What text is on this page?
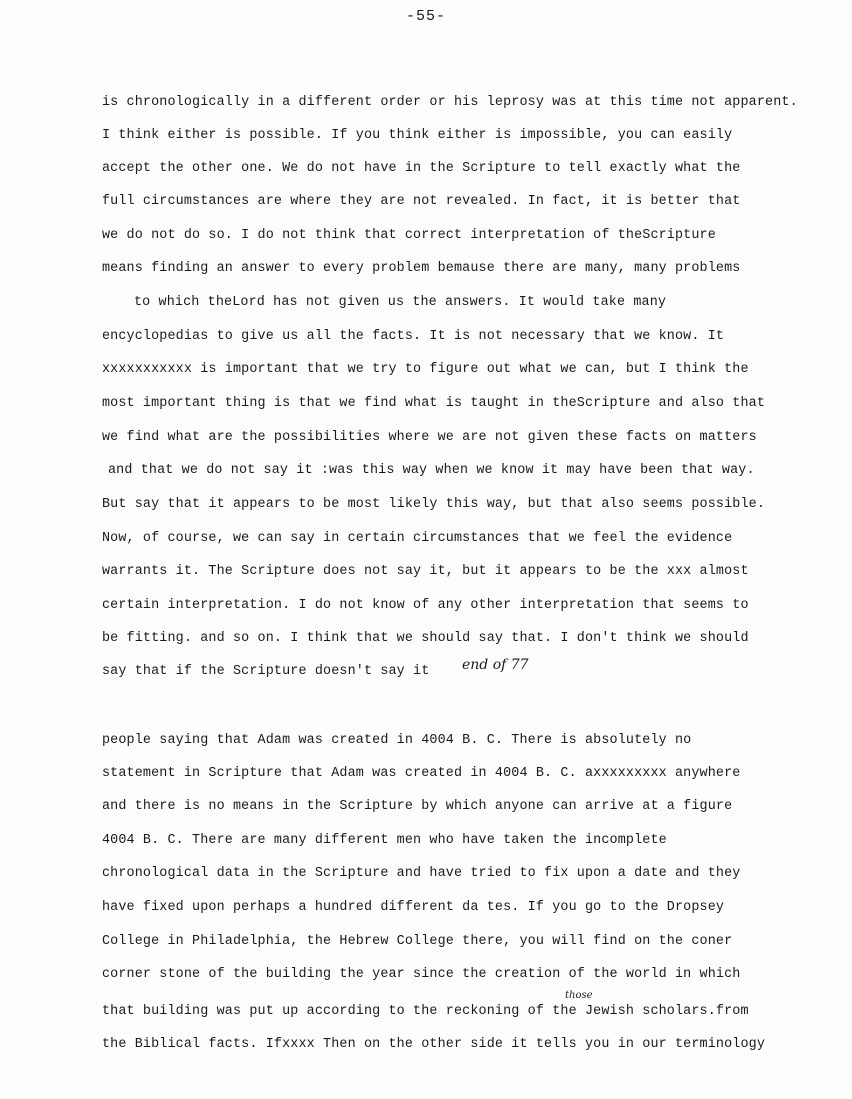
-55-
is chronologically in a different order or his leprosy was at this time not apparent.
I think either is possible. If you think either is impossible, you can easily
accept the other one. We do not have in the Scripture to tell exactly what the
full circumstances are where they are not revealed. In fact, it is better that
we do not do so. I do not think that correct interpretation of theScripture
means finding an answer to every problem bemause there are many, many problems
to which theLord has not given us the answers. It would take many
encyclopedias to give us all the facts. It is not necessary that we know. It
xxxxxxxxxxx is important that we try to figure out what we can, but I think the
most important thing is that we find what is taught in theScripture and also that
we find what are the possibilities where we are not given these facts on matters
and that we do not say it :was this way when we know it may have been that way.
But say that it appears to be most likely this way, but that also seems possible.
Now, of course, we can say in certain circumstances that we feel the evidence
warrants it. The Scripture does not say it, but it appears to be the xxx almost
certain interpretation. I do not know of any other interpretation that seems to
be fitting. and so on. I think that we should say that. I don't think we should
say that if the Scripture doesn't say it end of 77
people saying that Adam was created in 4004 B. C. There is absolutely no
statement in Scripture that Adam was created in 4004 B. C. axxxxxxxxx anywhere
and there is no means in the Scripture by which anyone can arrive at a figure
4004 B. C. There are many different men who have taken the incomplete
chronological data in the Scripture and have tried to fix upon a date and they
have fixed upon perhaps a hundred different da tes. If you go to the Dropsey
College in Philadelphia, the Hebrew College there, you will find on the coner
corner stone of the building the year since the creation of the world in which
that building was put up according to the reckoning of the Jewish scholars.from
the Biblical facts. Ifxxxx Then on the other side it tells you in our terminology
those
